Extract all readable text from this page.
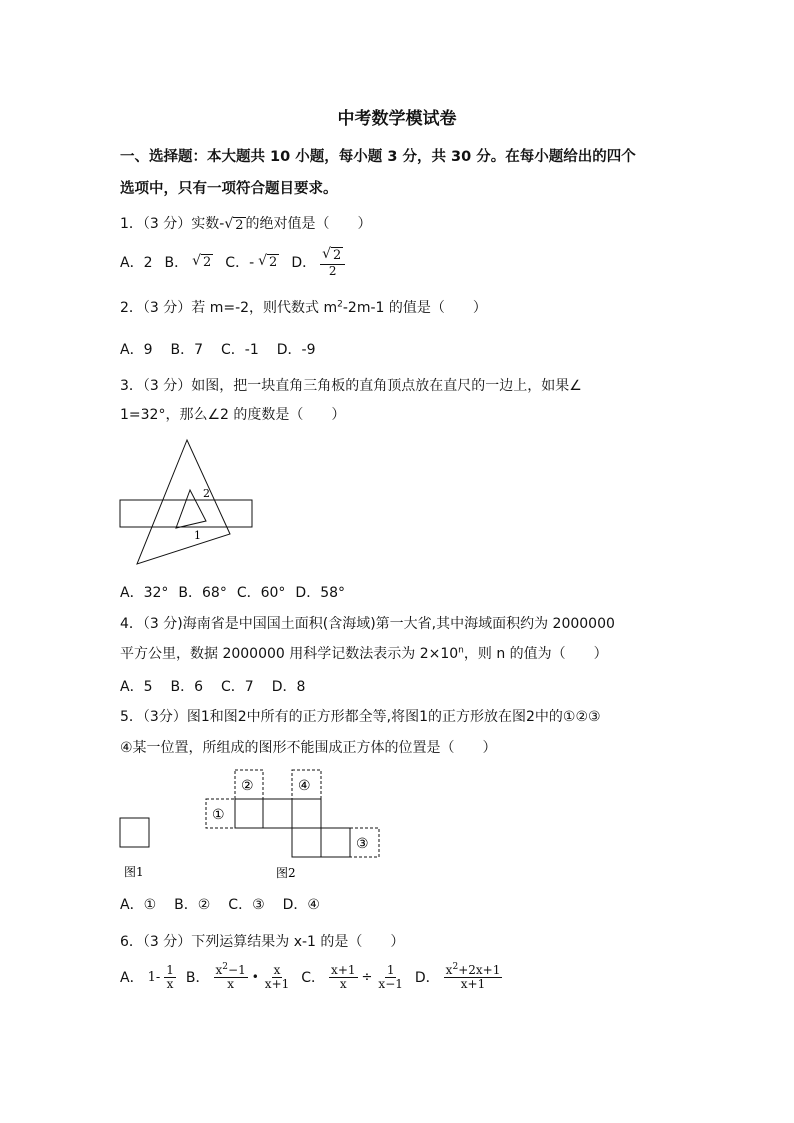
中考数学模试卷
一、选择题：本大题共 10 小题，每小题 3 分，共 30 分。在每小题给出的四个
选项中，只有一项符合题目要求。
1．（3 分）实数- √ 2 的绝对值是（　　）
A．2 B． √ 2 C．- √ 2 D． $\frac{√ 2}{2}$
2．（3 分）若 m=-2，则代数式 $m^2-2m-1$ 的值是（　　）
A．9 B．7 C．-1 D．-9
3．（3 分）如图，把一块直角三角板的直角顶点放在直尺的一边上，如果∠
1=32°，那么∠2 的度数是（　　）
2
1
A．32° B．68° C．60° D．58°
4．（3 分)海南省是中国国土面积(含海域)第一大省,其中海域面积约为 2000000
平方公里，数据 2000000 用科学记数法表示为 $2\times 10^n$，则 n 的值为（　　）
A．5 B．6 C．7 D．8
5．（3分）图1和图2中所有的正方形都全等,将图1的正方形放在图2中的①②③
④某一位置，所组成的图形不能围成正方体的位置是（　　）
图1
①
②	④
③
图2
A．① B．② C．③ D．④
6．（3 分）下列运算结果为 x-1 的是（　　）
A． $1- \frac{1}{x}$ B． $\frac{x^2-1}{x}$ • $\frac{x}{x+1}$ C． $\frac{x+1}{x} \div \frac{1}{x-1}$ D． $\frac{x^2+2x+1}{x+1}$
